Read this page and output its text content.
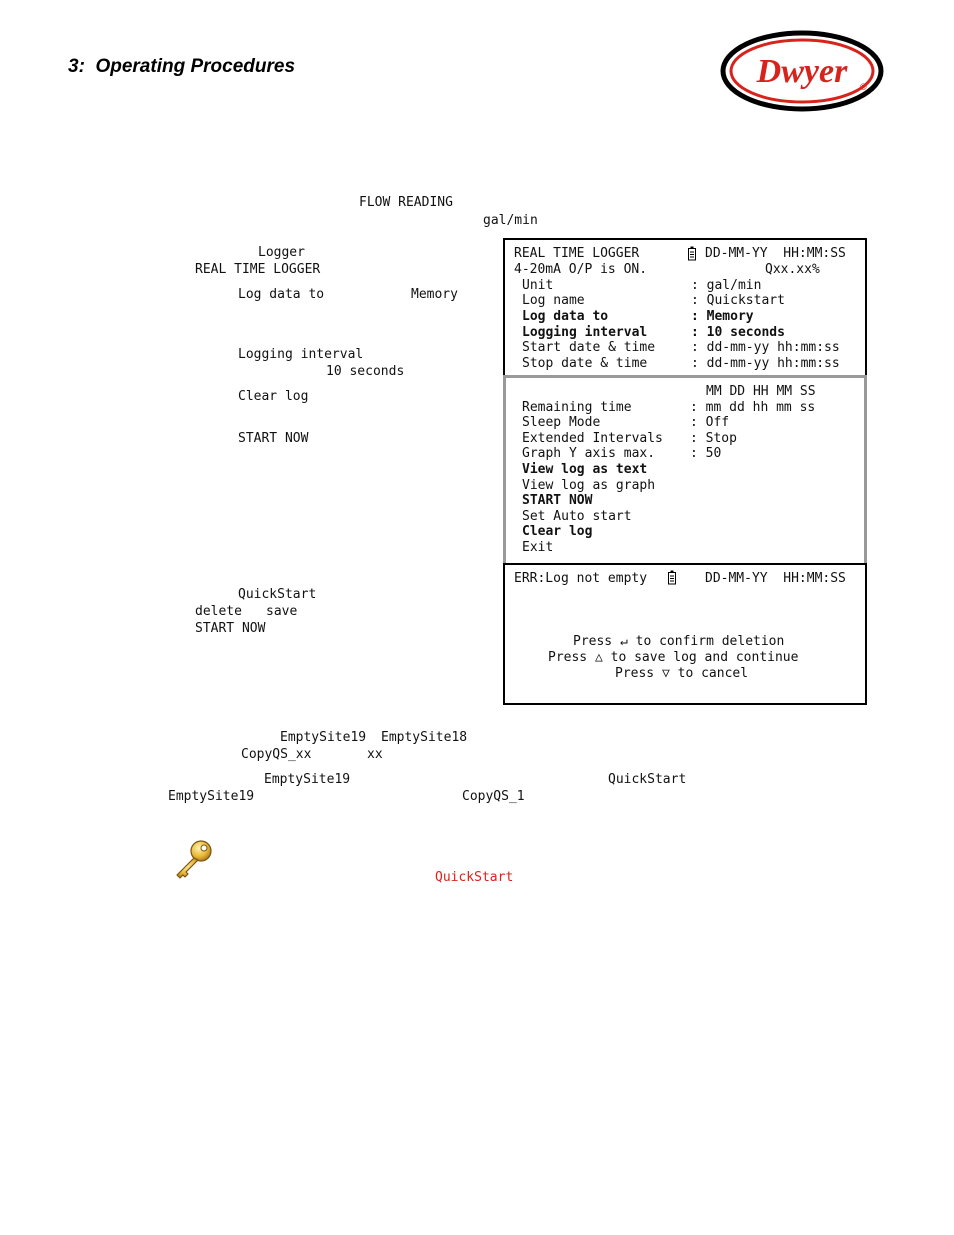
3:  Operating Procedures	Dwyer ®
FLOW READING
gal/min
Logger
REAL TIME LOGGER
Log data to	Memory
Logging interval
10 seconds
Clear log
START NOW
QuickStart
delete save
START NOW
REAL TIME LOGGER	DD-MM-YY  HH:MM:SS
4-20mA O/P is ON.	Qxx.xx%
Unit	: gal/min
Log name	: Quickstart
Log data to	: Memory
Logging interval	: 10 seconds
Start date & time	: dd-mm-yy hh:mm:ss
Stop date & time	: dd-mm-yy hh:mm:ss
MM DD HH MM SS
Remaining time	: mm dd hh mm ss
Sleep Mode	: Off
Extended Intervals : Stop
Graph Y axis max.	: 50
View log as text
View log as graph
START NOW
Set Auto start
Clear log
Exit
ERR:Log not empty	DD-MM-YY  HH:MM:SS
Press ↵ to confirm deletion
Press △ to save log and continue
Press ▽ to cancel
EmptySite19 EmptySite18
CopyQS_xx	xx
EmptySite19	QuickStart
EmptySite19	CopyQS_1
QuickStart
